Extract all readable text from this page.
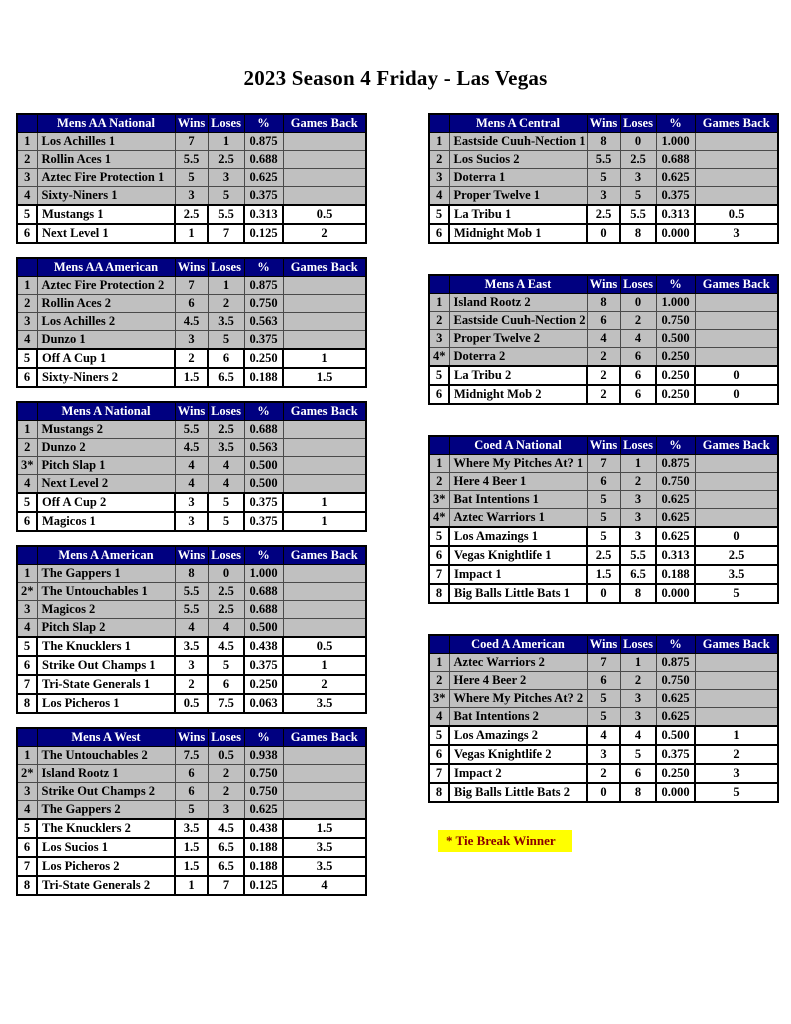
2023 Season 4 Friday - Las Vegas
	Mens AA National	Wins	Loses	%	Games Back
1	Los Achilles 1	7	1	0.875	
2	Rollin Aces 1	5.5	2.5	0.688	
3	Aztec Fire Protection 1	5	3	0.625	
4	Sixty-Niners 1	3	5	0.375	
5	Mustangs 1	2.5	5.5	0.313	0.5
6	Next Level 1	1	7	0.125	2
	Mens AA American	Wins	Loses	%	Games Back
1	Aztec Fire Protection 2	7	1	0.875	
2	Rollin Aces 2	6	2	0.750	
3	Los Achilles 2	4.5	3.5	0.563	
4	Dunzo 1	3	5	0.375	
5	Off A Cup 1	2	6	0.250	1
6	Sixty-Niners 2	1.5	6.5	0.188	1.5
	Mens A National	Wins	Loses	%	Games Back
1	Mustangs 2	5.5	2.5	0.688	
2	Dunzo 2	4.5	3.5	0.563	
3*	Pitch Slap 1	4	4	0.500	
4	Next Level 2	4	4	0.500	
5	Off A Cup 2	3	5	0.375	1
6	Magicos 1	3	5	0.375	1
	Mens A American	Wins	Loses	%	Games Back
1	The Gappers 1	8	0	1.000	
2*	The Untouchables 1	5.5	2.5	0.688	
3	Magicos 2	5.5	2.5	0.688	
4	Pitch Slap 2	4	4	0.500	
5	The Knucklers 1	3.5	4.5	0.438	0.5
6	Strike Out Champs 1	3	5	0.375	1
7	Tri-State Generals 1	2	6	0.250	2
8	Los Picheros 1	0.5	7.5	0.063	3.5
	Mens A West	Wins	Loses	%	Games Back
1	The Untouchables 2	7.5	0.5	0.938	
2*	Island Rootz 1	6	2	0.750	
3	Strike Out Champs 2	6	2	0.750	
4	The Gappers 2	5	3	0.625	
5	The Knucklers 2	3.5	4.5	0.438	1.5
6	Los Sucios 1	1.5	6.5	0.188	3.5
7	Los Picheros 2	1.5	6.5	0.188	3.5
8	Tri-State Generals 2	1	7	0.125	4
	Mens A Central	Wins	Loses	%	Games Back
1	Eastside Cuuh-Nection 1	8	0	1.000	
2	Los Sucios 2	5.5	2.5	0.688	
3	Doterra 1	5	3	0.625	
4	Proper Twelve 1	3	5	0.375	
5	La Tribu 1	2.5	5.5	0.313	0.5
6	Midnight Mob 1	0	8	0.000	3
	Mens A East	Wins	Loses	%	Games Back
1	Island Rootz 2	8	0	1.000	
2	Eastside Cuuh-Nection 2	6	2	0.750	
3	Proper Twelve 2	4	4	0.500	
4*	Doterra 2	2	6	0.250	
5	La Tribu 2	2	6	0.250	0
6	Midnight Mob 2	2	6	0.250	0
	Coed A National	Wins	Loses	%	Games Back
1	Where My Pitches At? 1	7	1	0.875	
2	Here 4 Beer 1	6	2	0.750	
3*	Bat Intentions 1	5	3	0.625	
4*	Aztec Warriors 1	5	3	0.625	
5	Los Amazings 1	5	3	0.625	0
6	Vegas Knightlife 1	2.5	5.5	0.313	2.5
7	Impact 1	1.5	6.5	0.188	3.5
8	Big Balls Little Bats 1	0	8	0.000	5
	Coed A American	Wins	Loses	%	Games Back
1	Aztec Warriors 2	7	1	0.875	
2	Here 4 Beer 2	6	2	0.750	
3*	Where My Pitches At? 2	5	3	0.625	
4	Bat Intentions 2	5	3	0.625	
5	Los Amazings 2	4	4	0.500	1
6	Vegas Knightlife 2	3	5	0.375	2
7	Impact 2	2	6	0.250	3
8	Big Balls Little Bats 2	0	8	0.000	5
* Tie Break Winner
